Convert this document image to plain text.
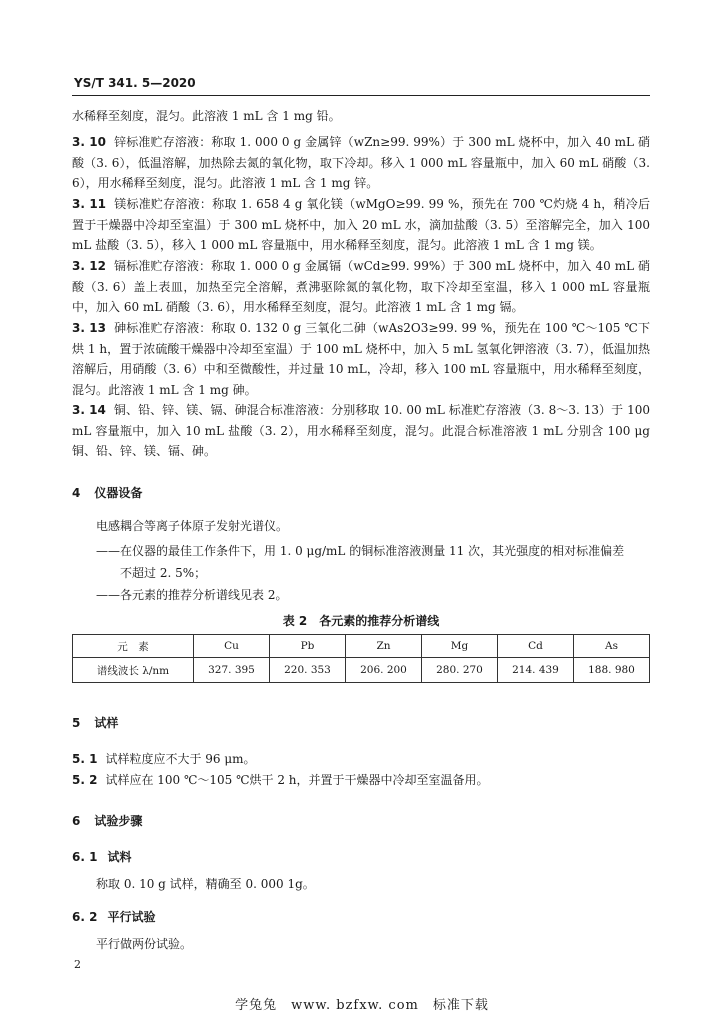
YS/T 341. 5—2020

水稀释至刻度，混匀。此溶液 1 mL 含 1 mg 铅。

3. 10 锌标准贮存溶液：称取 1. 000 0 g 金属锌（wZn≥99. 99%）于 300 mL 烧杯中，加入 40 mL 硝酸（3. 6），低温溶解，加热除去氮的氧化物，取下冷却。移入 1 000 mL 容量瓶中，加入 60 mL 硝酸（3. 6），用水稀释至刻度，混匀。此溶液 1 mL 含 1 mg 锌。

3. 11 镁标准贮存溶液：称取 1. 658 4 g 氧化镁（wMgO≥99. 99 %，预先在 700 ℃灼烧 4 h，稍冷后置于干燥器中冷却至室温）于 300 mL 烧杯中，加入 20 mL 水，滴加盐酸（3. 5）至溶解完全，加入 100 mL 盐酸（3. 5），移入 1 000 mL 容量瓶中，用水稀释至刻度，混匀。此溶液 1 mL 含 1 mg 镁。

3. 12 镉标准贮存溶液：称取 1. 000 0 g 金属镉（wCd≥99. 99%）于 300 mL 烧杯中，加入 40 mL 硝酸（3. 6）盖上表皿，加热至完全溶解，煮沸驱除氮的氧化物，取下冷却至室温，移入 1 000 mL 容量瓶中，加入 60 mL 硝酸（3. 6），用水稀释至刻度，混匀。此溶液 1 mL 含 1 mg 镉。

3. 13 砷标准贮存溶液：称取 0. 132 0 g 三氧化二砷（wAs2O3≥99. 99 %，预先在 100 ℃～105 ℃下烘 1 h，置于浓硫酸干燥器中冷却至室温）于 100 mL 烧杯中，加入 5 mL 氢氧化钾溶液（3. 7），低温加热溶解后，用硝酸（3. 6）中和至微酸性，并过量 10 mL，冷却，移入 100 mL 容量瓶中，用水稀释至刻度，混匀。此溶液 1 mL 含 1 mg 砷。

3. 14 铜、铅、锌、镁、镉、砷混合标准溶液：分别移取 10. 00 mL 标准贮存溶液（3. 8～3. 13）于 100 mL 容量瓶中，加入 10 mL 盐酸（3. 2），用水稀释至刻度，混匀。此混合标准溶液 1 mL 分别含 100 μg 铜、铅、锌、镁、镉、砷。

4 仪器设备

电感耦合等离子体原子发射光谱仪。

——在仪器的最佳工作条件下，用 1. 0 μg/mL 的铜标准溶液测量 11 次，其光强度的相对标准偏差

不超过 2. 5%；

——各元素的推荐分析谱线见表 2。

表 2　各元素的推荐分析谱线
元　素	Cu	Pb	Zn	Mg	Cd	As
谱线波长 λ/nm	327. 395	220. 353	206. 200	280. 270	214. 439	188. 980
5 试样

5. 1 试样粒度应不大于 96 μm。

5. 2 试样应在 100 ℃～105 ℃烘干 2 h，并置于干燥器中冷却至室温备用。

6 试验步骤
6. 1 试料

称取 0. 10 g 试样，精确至 0. 000 1g。

6. 2 平行试验

平行做两份试验。

2
学兔兔　www. bzfxw. com　标准下载
